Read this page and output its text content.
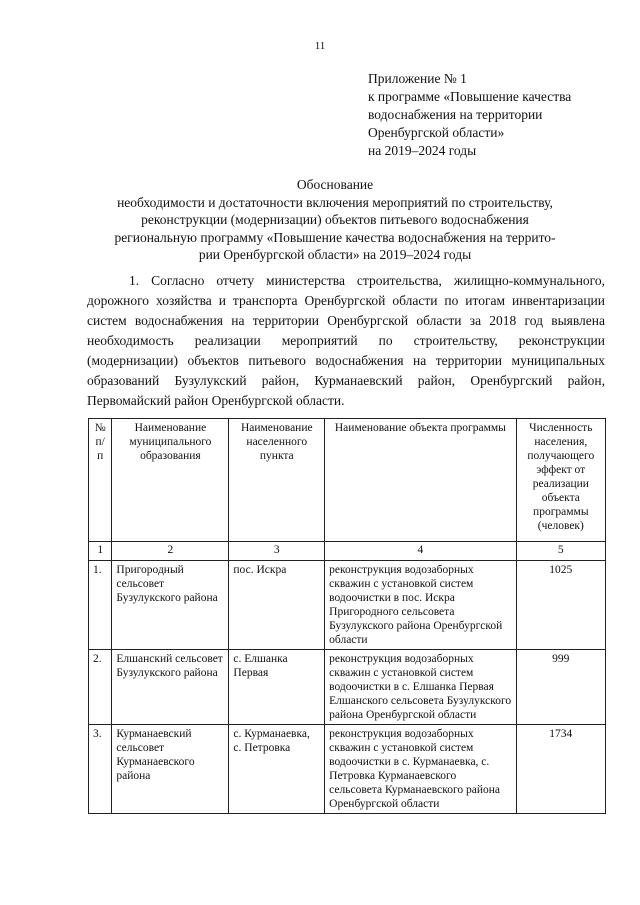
11
Приложение № 1
к программе «Повышение качества
водоснабжения на территории
Оренбургской области»
на 2019–2024 годы
Обоснование
необходимости и достаточности включения мероприятий по строительству,
реконструкции (модернизации) объектов питьевого водоснабжения
региональную программу «Повышение качества водоснабжения на террито-
рии Оренбургской области» на 2019–2024 годы

1. Согласно отчету министерства строительства, жилищно-коммунального, дорожного хозяйства и транспорта Оренбургской области по итогам инвентаризации систем водоснабжения на территории Оренбургской области за 2018 год выявлена необходимость реализации мероприятий по строительству, реконструкции (модернизации) объектов питьевого водоснабжения на территории муниципальных образований Бузулукский район, Курманаевский район, Оренбургский район, Первомайский район Оренбургской области.

№ п/п	Наименование муниципального образования	Наименование населенного пункта	Наименование объекта программы	Численность населения, получающего эффект от реализации объекта программы (человек)
1	2	3	4	5
1.	Пригородный сельсовет Бузулукского района	пос. Искра	реконструкция водозаборных скважин с установкой систем водоочистки в пос. Искра Пригородного сельсовета Бузулукского района Оренбургской области	1025
2.	Елшанский сельсовет Бузулукского района	с. Елшанка Первая	реконструкция водозаборных скважин с установкой систем водоочистки в с. Елшанка Первая Елшанского сельсовета Бузулукского района Оренбургской области	999
3.	Курманаевский сельсовет Курманаевского района	с. Курманаевка, с. Петровка	реконструкция водозаборных скважин с установкой систем водоочистки в с. Курманаевка, с. Петровка Курманаевского сельсовета Курманаевского района Оренбургской области	1734
